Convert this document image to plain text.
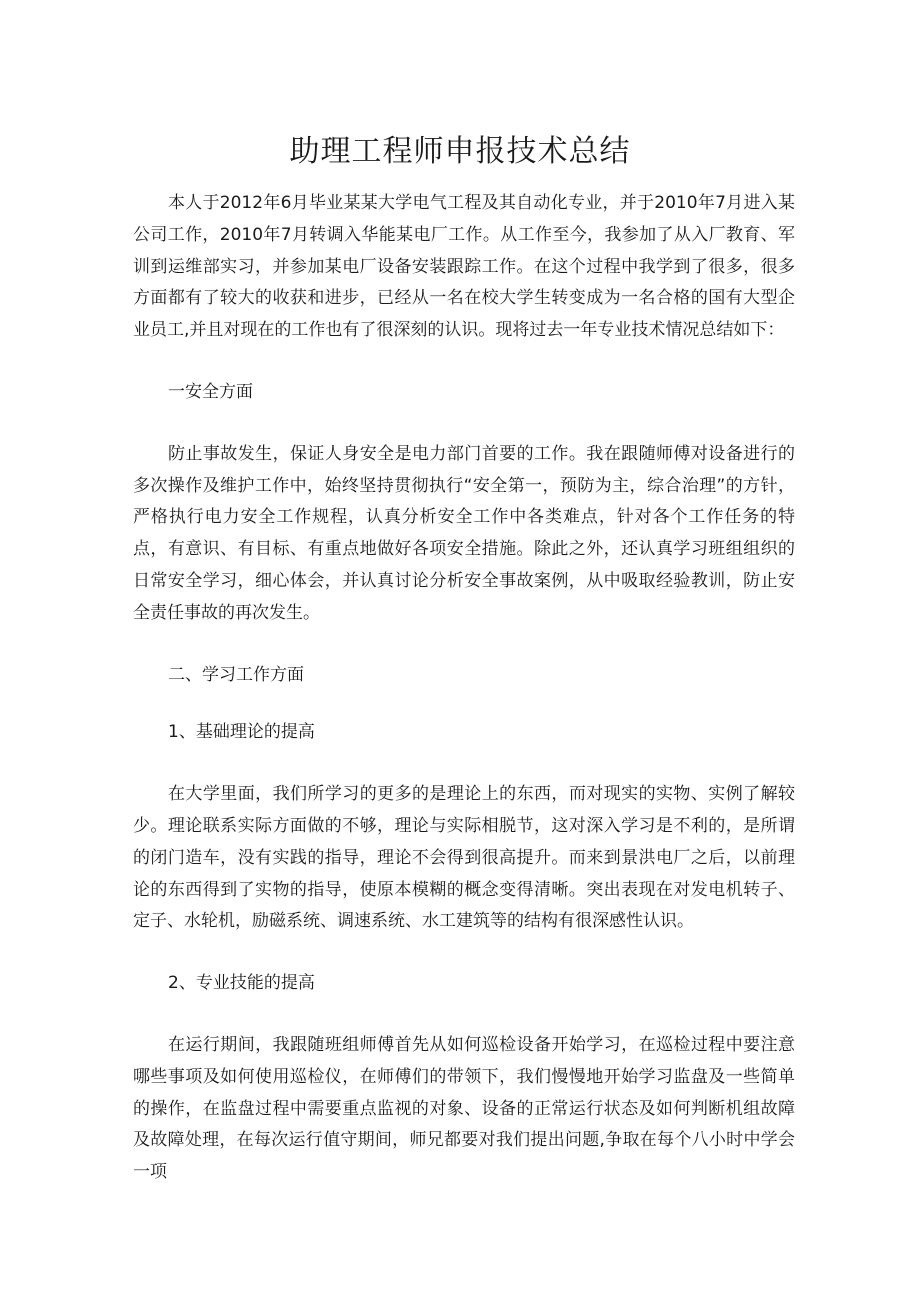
助理工程师申报技术总结

本人于2012年6月毕业某某大学电气工程及其自动化专业，并于2010年7月进入某公司工作，2010年7月转调入华能某电厂工作。从工作至今，我参加了从入厂教育、军训到运维部实习，并参加某电厂设备安装跟踪工作。在这个过程中我学到了很多，很多方面都有了较大的收获和进步，已经从一名在校大学生转变成为一名合格的国有大型企业员工,并且对现在的工作也有了很深刻的认识。现将过去一年专业技术情况总结如下：

一安全方面

防止事故发生，保证人身安全是电力部门首要的工作。我在跟随师傅对设备进行的多次操作及维护工作中，始终坚持贯彻执行“安全第一，预防为主，综合治理”的方针，严格执行电力安全工作规程，认真分析安全工作中各类难点，针对各个工作任务的特点，有意识、有目标、有重点地做好各项安全措施。除此之外，还认真学习班组组织的日常安全学习，细心体会，并认真讨论分析安全事故案例，从中吸取经验教训，防止安全责任事故的再次发生。

二、学习工作方面

1、基础理论的提高

在大学里面，我们所学习的更多的是理论上的东西，而对现实的实物、实例了解较少。理论联系实际方面做的不够，理论与实际相脱节，这对深入学习是不利的，是所谓的闭门造车，没有实践的指导，理论不会得到很高提升。而来到景洪电厂之后，以前理论的东西得到了实物的指导，使原本模糊的概念变得清晰。突出表现在对发电机转子、定子、水轮机，励磁系统、调速系统、水工建筑等的结构有很深感性认识。

2、专业技能的提高

在运行期间，我跟随班组师傅首先从如何巡检设备开始学习，在巡检过程中要注意哪些事项及如何使用巡检仪，在师傅们的带领下，我们慢慢地开始学习监盘及一些简单的操作，在监盘过程中需要重点监视的对象、设备的正常运行状态及如何判断机组故障及故障处理，在每次运行值守期间，师兄都要对我们提出问题,争取在每个八小时中学会一项
